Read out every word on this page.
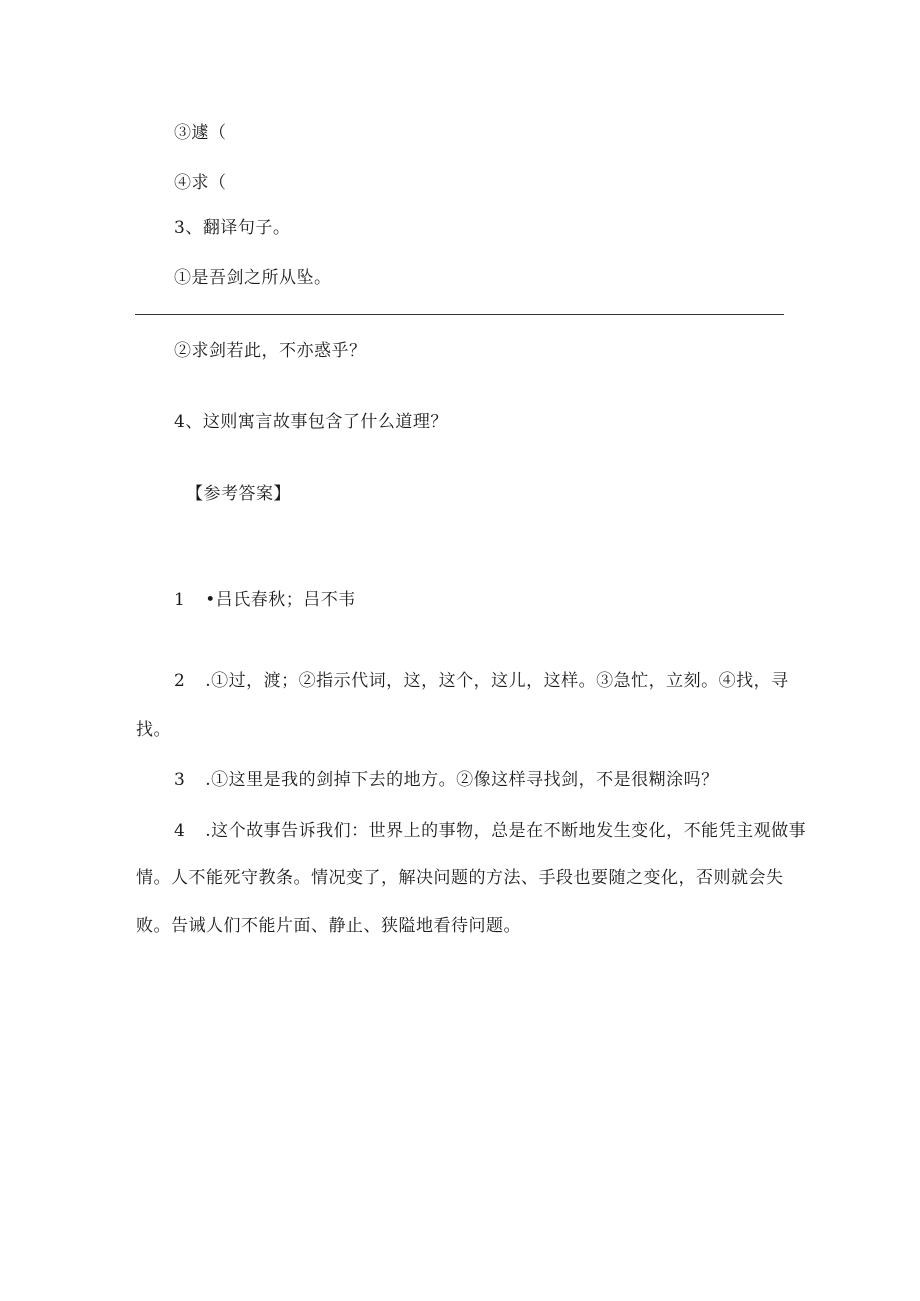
③遽（
④求（
3、翻译句子。
①是吾剑之所从坠。
②求剑若此，不亦惑乎？
4、这则寓言故事包含了什么道理？
【参考答案】
1 •吕氏春秋；吕不韦
2 .①过，渡；②指示代词，这，这个，这儿，这样。③急忙，立刻。④找，寻
找。
3 .①这里是我的剑掉下去的地方。②像这样寻找剑，不是很糊涂吗？
4 .这个故事告诉我们：世界上的事物，总是在不断地发生变化，不能凭主观做事
情。人不能死守教条。情况变了，解决问题的方法、手段也要随之变化，否则就会失
败。告诫人们不能片面、静止、狭隘地看待问题。
